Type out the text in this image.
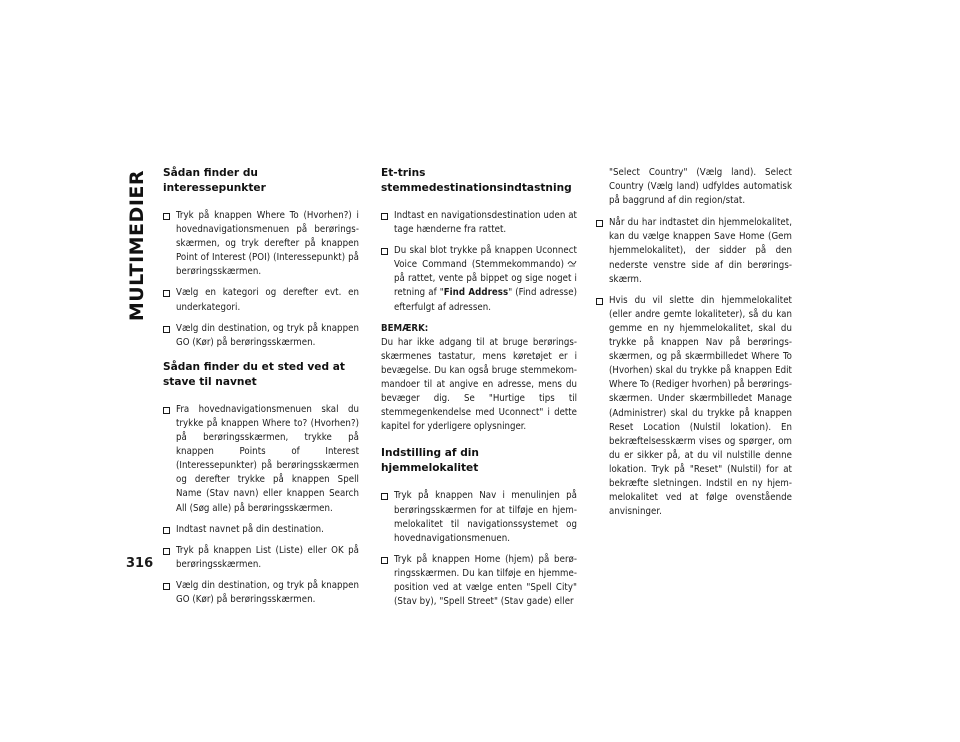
MULTIMEDIER
316
Sådan finder du interessepunkter
Tryk på knappen Where To (Hvorhen?) i hovednavigationsmenuen på berøringsskærmen, og tryk derefter på knappen Point of Interest (POI) (Interessepunkt) på berøringsskærmen.
Vælg en kategori og derefter evt. en underkategori.
Vælg din destination, og tryk på knappen GO (Kør) på berøringsskærmen.
Sådan finder du et sted ved at stave til navnet
Fra hovednavigationsmenuen skal du trykke på knappen Where to? (Hvorhen?) på berøringsskærmen, trykke på knappen Points of Interest (Interessepunkter) på berøringsskærmen og derefter trykke på knappen Spell Name (Stav navn) eller knappen Search All (Søg alle) på berøringsskærmen.
Indtast navnet på din destination.
Tryk på knappen List (Liste) eller OK på berøringsskærmen.
Vælg din destination, og tryk på knappen GO (Kør) på berøringsskærmen.
Et-trins stemmedestinationsindtastning
Indtast en navigationsdestination uden at tage hænderne fra rattet.
Du skal blot trykke på knappen Uconnect Voice Command (Stemmekommando) på rattet, vente på bippet og sige noget i retning af "Find Address" (Find adresse) efterfulgt af adressen.
BEMÆRK:
Du har ikke adgang til at bruge berøringsskærmenes tastatur, mens køretøjet er i bevægelse. Du kan også bruge stemmekommandoer til at angive en adresse, mens du bevæger dig. Se "Hurtige tips til stemmegenkendelse med Uconnect" i dette kapitel for yderligere oplysninger.
Indstilling af din hjemmelokalitet
Tryk på knappen Nav i menulinjen på berøringsskærmen for at tilføje en hjemmelokalitet til navigationssystemet og hovednavigationsmenuen.
Tryk på knappen Home (hjem) på berøringsskærmen. Du kan tilføje en hjemmeposition ved at vælge enten "Spell City" (Stav by), "Spell Street" (Stav gade) eller
"Select Country" (Vælg land). Select Country (Vælg land) udfyldes automatisk på baggrund af din region/stat.
Når du har indtastet din hjemmelokalitet, kan du vælge knappen Save Home (Gem hjemmelokalitet), der sidder på den nederste venstre side af din berøringsskærm.
Hvis du vil slette din hjemmelokalitet (eller andre gemte lokaliteter), så du kan gemme en ny hjemmelokalitet, skal du trykke på knappen Nav på berøringsskærmen, og på skærmbilledet Where To (Hvorhen) skal du trykke på knappen Edit Where To (Rediger hvorhen) på berøringsskærmen. Under skærmbilledet Manage (Administrer) skal du trykke på knappen Reset Location (Nulstil lokation). En bekræftelsesskærm vises og spørger, om du er sikker på, at du vil nulstille denne lokation. Tryk på "Reset" (Nulstil) for at bekræfte sletningen. Indstil en ny hjemmelokalitet ved at følge ovenstående anvisninger.
